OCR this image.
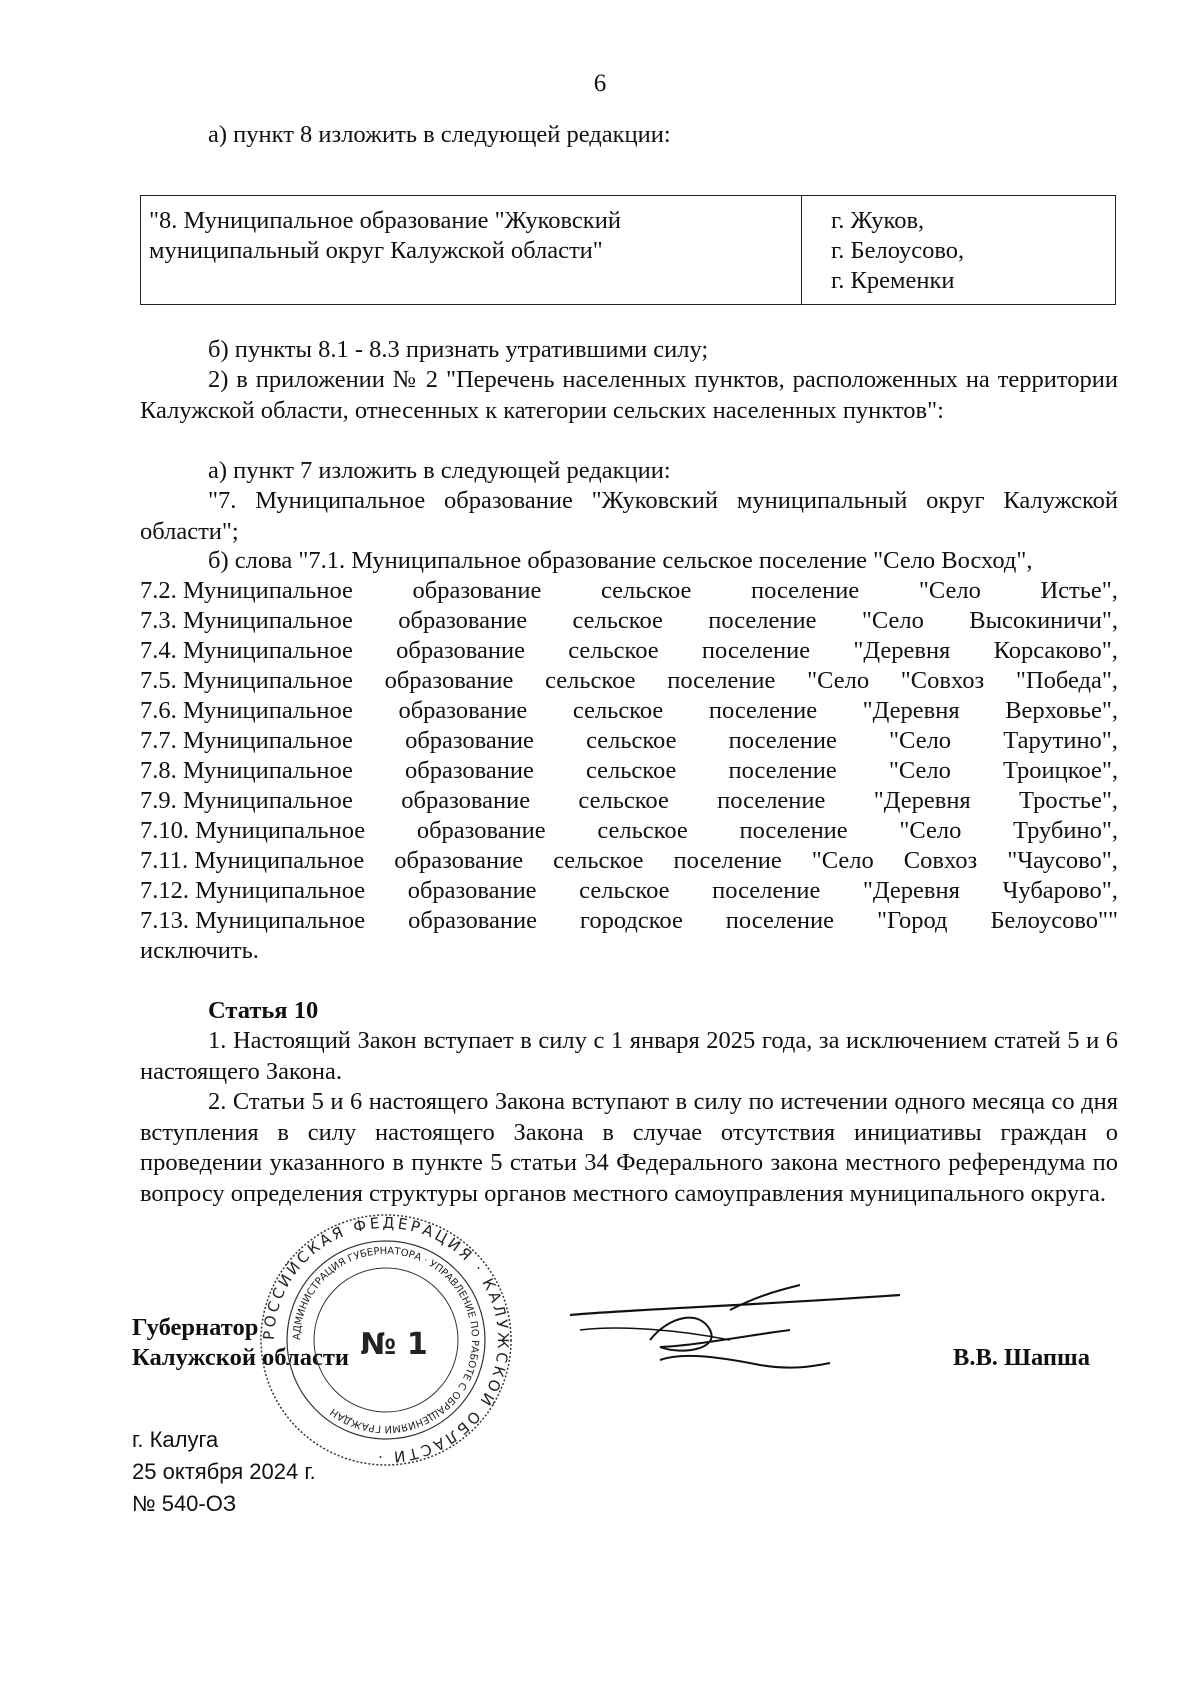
6
а) пункт 8 изложить в следующей редакции:
"8. Муниципальное образование "Жуковский
муниципальный округ Калужской области"
г. Жуков,
г. Белоусово,
г. Кременки
б) пункты 8.1 - 8.3 признать утратившими силу;
2) в приложении № 2 "Перечень населенных пунктов, расположенных на территории Калужской области, отнесенных к категории сельских населенных пунктов":
а) пункт 7 изложить в следующей редакции:
"7. Муниципальное образование "Жуковский муниципальный округ Калужской области";
б) слова "7.1. Муниципальное образование сельское поселение "Село Восход",
7.2. Муниципальное образование сельское поселение "Село Истье",
7.3. Муниципальное образование сельское поселение "Село Высокиничи",
7.4. Муниципальное образование сельское поселение "Деревня Корсаково",
7.5. Муниципальное образование сельское поселение "Село "Совхоз "Победа",
7.6. Муниципальное образование сельское поселение "Деревня Верховье",
7.7. Муниципальное образование сельское поселение "Село Тарутино",
7.8. Муниципальное образование сельское поселение "Село Троицкое",
7.9. Муниципальное образование сельское поселение "Деревня Тростье",
7.10. Муниципальное образование сельское поселение "Село Трубино",
7.11. Муниципальное образование сельское поселение "Село Совхоз "Чаусово",
7.12. Муниципальное образование сельское поселение "Деревня Чубарово",
7.13. Муниципальное образование городское поселение "Город Белоусово""
исключить.
Статья 10
1. Настоящий Закон вступает в силу с 1 января 2025 года, за исключением статей 5 и 6 настоящего Закона.
2. Статьи 5 и 6 настоящего Закона вступают в силу по истечении одного месяца со дня вступления в силу настоящего Закона в случае отсутствия инициативы граждан о проведении указанного в пункте 5 статьи 34 Федерального закона местного референдума по вопросу определения структуры органов местного самоуправления муниципального округа.
Губернатор
Калужской области	В.В. Шапша
РОССИЙСКАЯ ФЕДЕРАЦИЯ · КАЛУЖСКОЙ ОБЛАСТИ ·
АДМИНИСТРАЦИЯ ГУБЕРНАТОРА · УПРАВЛЕНИЕ ПО РАБОТЕ С ОБРАЩЕНИЯМИ ГРАЖДАН
№ 1
г. Калуга
25 октября 2024 г.
№ 540-ОЗ
